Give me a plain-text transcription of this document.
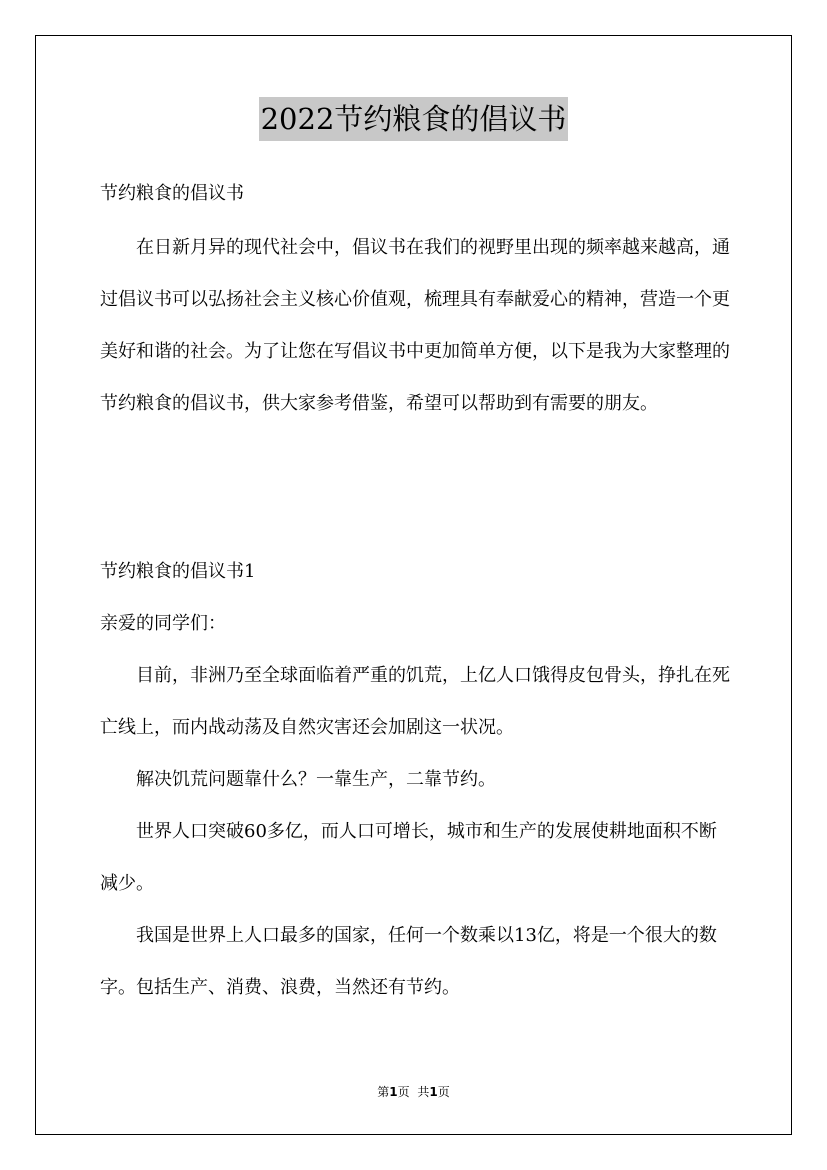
2022节约粮食的倡议书
节约粮食的倡议书

在日新月异的现代社会中，倡议书在我们的视野里出现的频率越来越高，通过倡议书可以弘扬社会主义核心价值观，梳理具有奉献爱心的精神，营造一个更美好和谐的社会。为了让您在写倡议书中更加简单方便，以下是我为大家整理的节约粮食的倡议书，供大家参考借鉴，希望可以帮助到有需要的朋友。

节约粮食的倡议书1

亲爱的同学们：

目前，非洲乃至全球面临着严重的饥荒，上亿人口饿得皮包骨头，挣扎在死亡线上，而内战动荡及自然灾害还会加剧这一状况。

解决饥荒问题靠什么？一靠生产，二靠节约。

世界人口突破60多亿，而人口可增长，城市和生产的发展使耕地面积不断减少。

我国是世界上人口最多的国家，任何一个数乘以13亿，将是一个很大的数字。包括生产、消费、浪费，当然还有节约。

第1页 共1页
